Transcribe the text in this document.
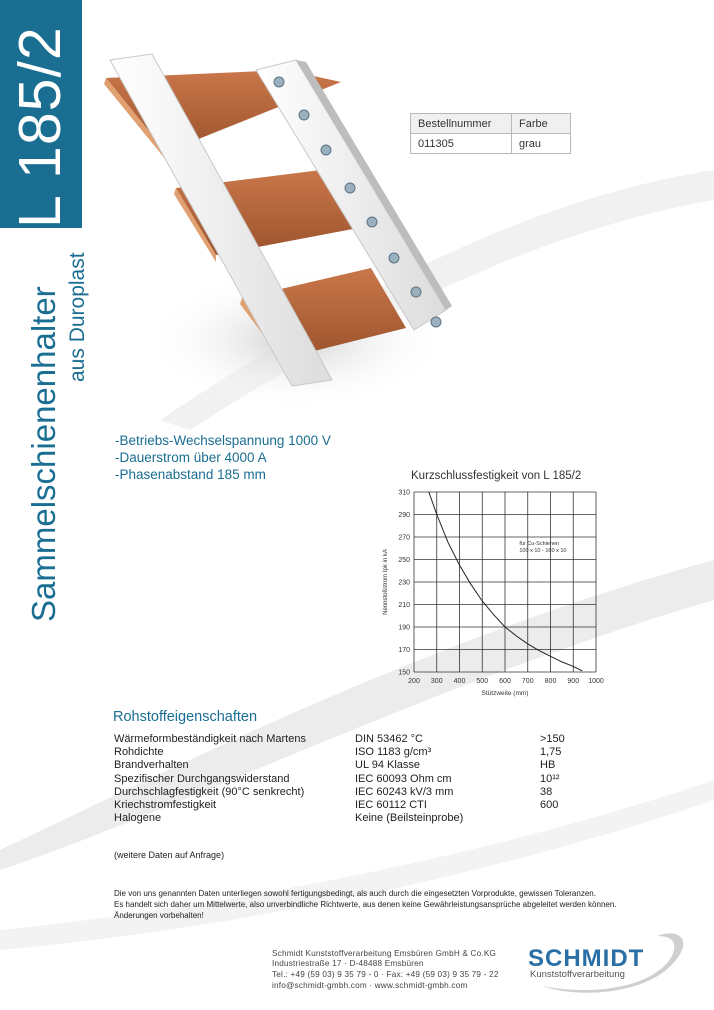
L 185/2
Sammelschienenhalter aus Duroplast
Bestellnummer	Farbe
011305	grau
-Betriebs-Wechselspannung 1000 V
-Dauerstrom über 4000 A
-Phasenabstand 185 mm	Kurzschlussfestigkeit von L 185/2
200 300 400 500 600 700 800 900 1000
150
170
190
210
230
250
270
290
310
Stützweite (mm)
Nennstoßstrom Ipk in kA
für Cu-Schienen
100 x 10 - 160 x 10
Rohstoffeigenschaften
Wärmeformbeständigkeit nach Martens	DIN 53462 °C	>150
Rohdichte	ISO 1183 g/cm³	1,75
Brandverhalten	UL 94 Klasse	HB
Spezifischer Durchgangswiderstand	IEC 60093 Ohm cm	10¹²
Durchschlagfestigkeit (90°C senkrecht)	IEC 60243 kV/3 mm	38
Kriechstromfestigkeit	IEC 60112 CTI	600
Halogene	Keine (Beilsteinprobe)
(weitere Daten auf Anfrage)
Die von uns genannten Daten unterliegen sowohl fertigungsbedingt, als auch durch die eingesetzten Vorprodukte, gewissen Toleranzen.
Es handelt sich daher um Mittelwerte, also unverbindliche Richtwerte, aus denen keine Gewährleistungsansprüche abgeleitet werden können.
Änderungen vorbehalten!
Schmidt Kunststoffverarbeitung Emsbüren GmbH & Co.KG
Industriestraße 17 · D-48488 Emsbüren
Tel.: +49 (59 03) 9 35 79 - 0 · Fax: +49 (59 03) 9 35 79 - 22
info@schmidt-gmbh.com · www.schmidt-gmbh.com
SCHMIDT
Kunststoffverarbeitung
